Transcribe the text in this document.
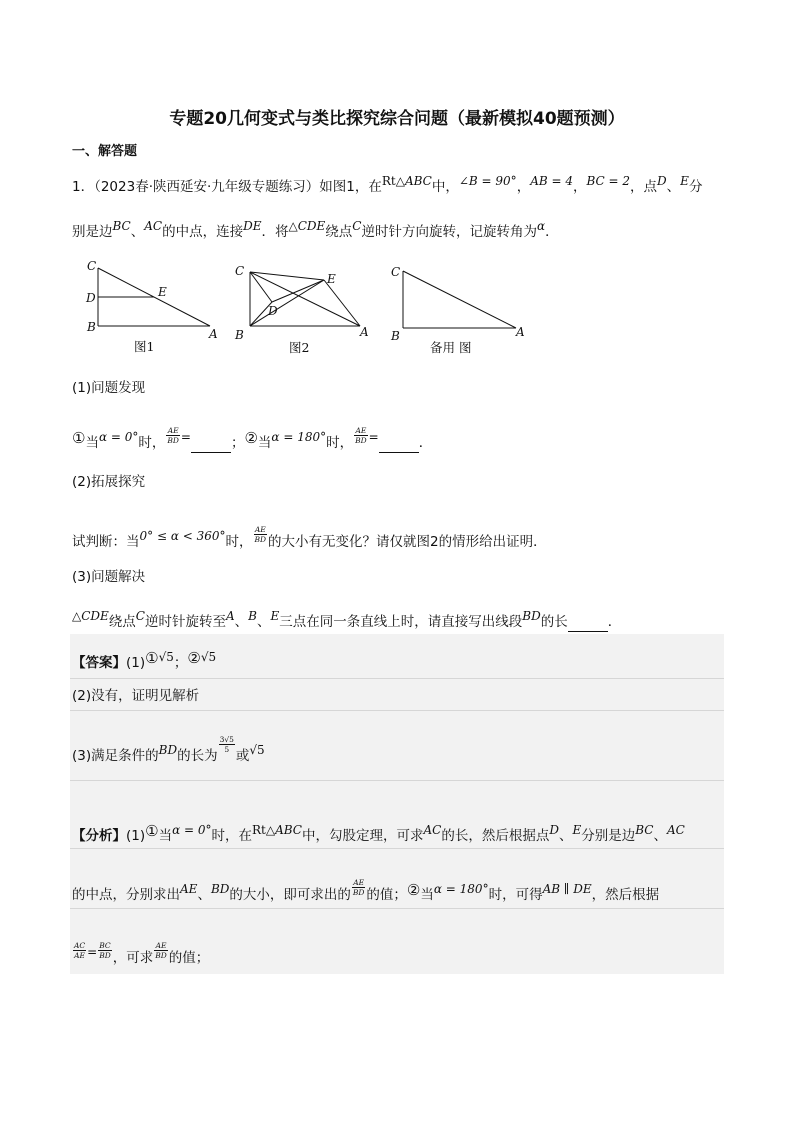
专题20几何变式与类比探究综合问题（最新模拟40题预测）
一、解答题
1．（2023春·陕西延安·九年级专题练习）如图1，在Rt△ABC中，∠B = 90°，AB = 4，BC = 2，点D、E分
别是边BC、AC的中点，连接DE．将△CDE绕点C逆时针方向旋转，记旋转角为α．
C
D
B
E
A
图1
C
E
D
B	A
图2
C
B	A
备用 图
(1)问题发现
①当α = 0°时， $\frac{AE}{BD}$ =	；②当α = 180°时， $\frac{AE}{BD}$ =	．
(2)拓展探究
试判断：当0° ≤ α < 360°时， $\frac{AE}{BD}$ 的大小有无变化？请仅就图2的情形给出证明．
(3)问题解决
△CDE绕点C逆时针旋转至A、B、E三点在同一条直线上时，请直接写出线段BD的长	．
【答案】(1)①√5；②√5
(2)没有，证明见解析
(3)满足条件的BD的长为
$\frac{3√5}{5}$
或√5
【分析】(1)①当α = 0°时，在Rt△ABC中，勾股定理，可求AC的长，然后根据点D、E分别是边BC、AC
的中点，分别求出AE、BD的大小，即可求出的 $\frac{AE}{BD}$ 的值；②当α = 180°时，可得AB ∥ DE，然后根据
$\frac{AC}{AE} = \frac{BC}{BD}$ ，可求 $\frac{AE}{BD}$ 的值；
